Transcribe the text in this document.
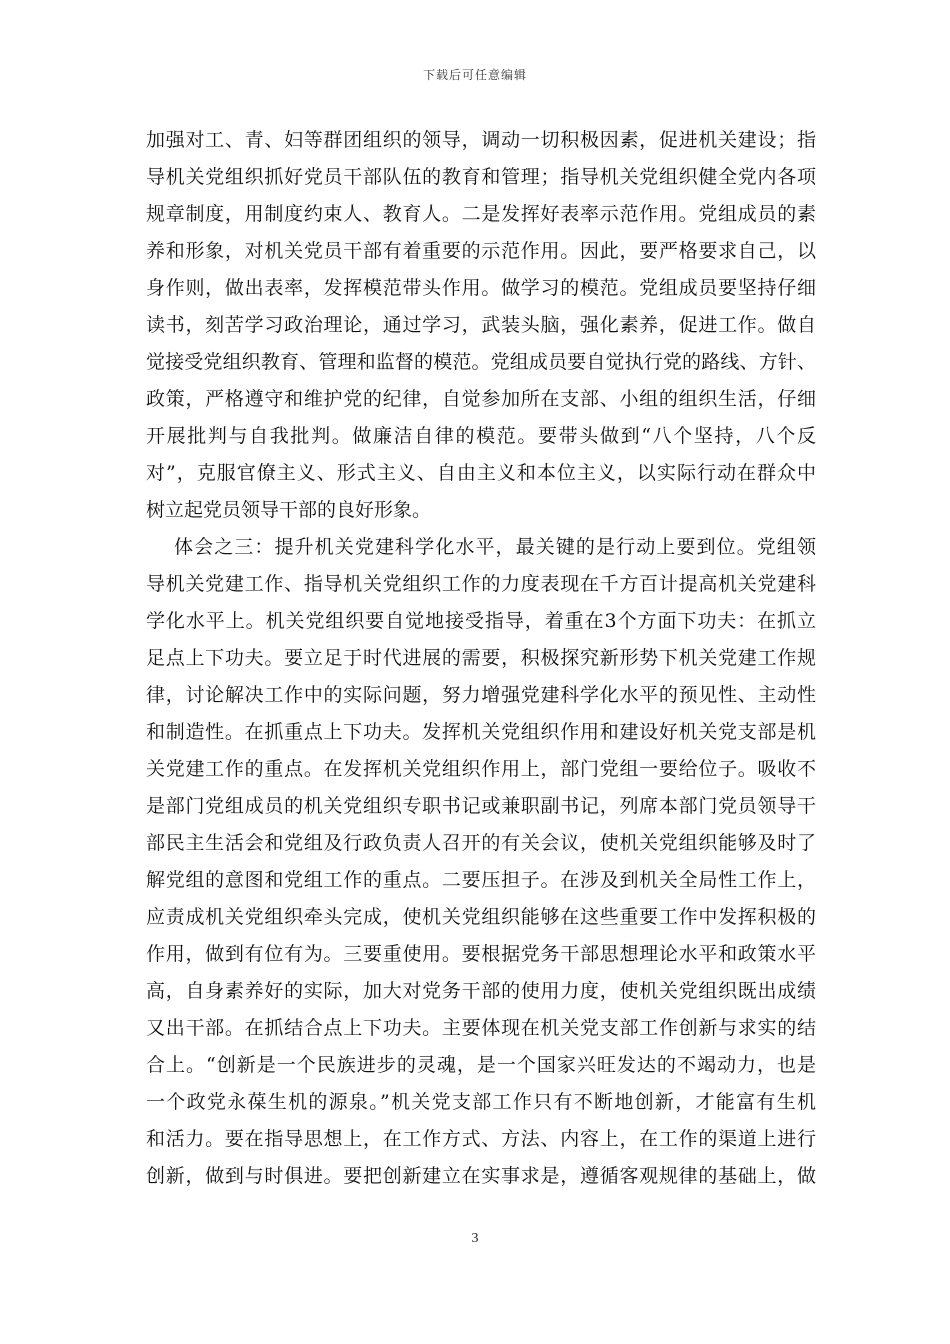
下载后可任意编辑
加强对工、青、妇等群团组织的领导，调动一切积极因素，促进机关建设；指
导机关党组织抓好党员干部队伍的教育和管理；指导机关党组织健全党内各项
规章制度，用制度约束人、教育人。二是发挥好表率示范作用。党组成员的素
养和形象，对机关党员干部有着重要的示范作用。因此，要严格要求自己，以
身作则，做出表率，发挥模范带头作用。做学习的模范。党组成员要坚持仔细
读书，刻苦学习政治理论，通过学习，武装头脑，强化素养，促进工作。做自
觉接受党组织教育、管理和监督的模范。党组成员要自觉执行党的路线、方针、
政策，严格遵守和维护党的纪律，自觉参加所在支部、小组的组织生活，仔细
开展批判与自我批判。做廉洁自律的模范。要带头做到“八个坚持，八个反
对”，克服官僚主义、形式主义、自由主义和本位主义，以实际行动在群众中
树立起党员领导干部的良好形象。
体会之三：提升机关党建科学化水平，最关键的是行动上要到位。党组领
导机关党建工作、指导机关党组织工作的力度表现在千方百计提高机关党建科
学化水平上。机关党组织要自觉地接受指导，着重在3个方面下功夫：在抓立
足点上下功夫。要立足于时代进展的需要，积极探究新形势下机关党建工作规
律，讨论解决工作中的实际问题，努力增强党建科学化水平的预见性、主动性
和制造性。在抓重点上下功夫。发挥机关党组织作用和建设好机关党支部是机
关党建工作的重点。在发挥机关党组织作用上，部门党组一要给位子。吸收不
是部门党组成员的机关党组织专职书记或兼职副书记，列席本部门党员领导干
部民主生活会和党组及行政负责人召开的有关会议，使机关党组织能够及时了
解党组的意图和党组工作的重点。二要压担子。在涉及到机关全局性工作上，
应责成机关党组织牵头完成，使机关党组织能够在这些重要工作中发挥积极的
作用，做到有位有为。三要重使用。要根据党务干部思想理论水平和政策水平
高，自身素养好的实际，加大对党务干部的使用力度，使机关党组织既出成绩
又出干部。在抓结合点上下功夫。主要体现在机关党支部工作创新与求实的结
合上。“创新是一个民族进步的灵魂，是一个国家兴旺发达的不竭动力，也是
一个政党永葆生机的源泉。”机关党支部工作只有不断地创新，才能富有生机
和活力。要在指导思想上，在工作方式、方法、内容上，在工作的渠道上进行
创新，做到与时俱进。要把创新建立在实事求是，遵循客观规律的基础上，做
3
